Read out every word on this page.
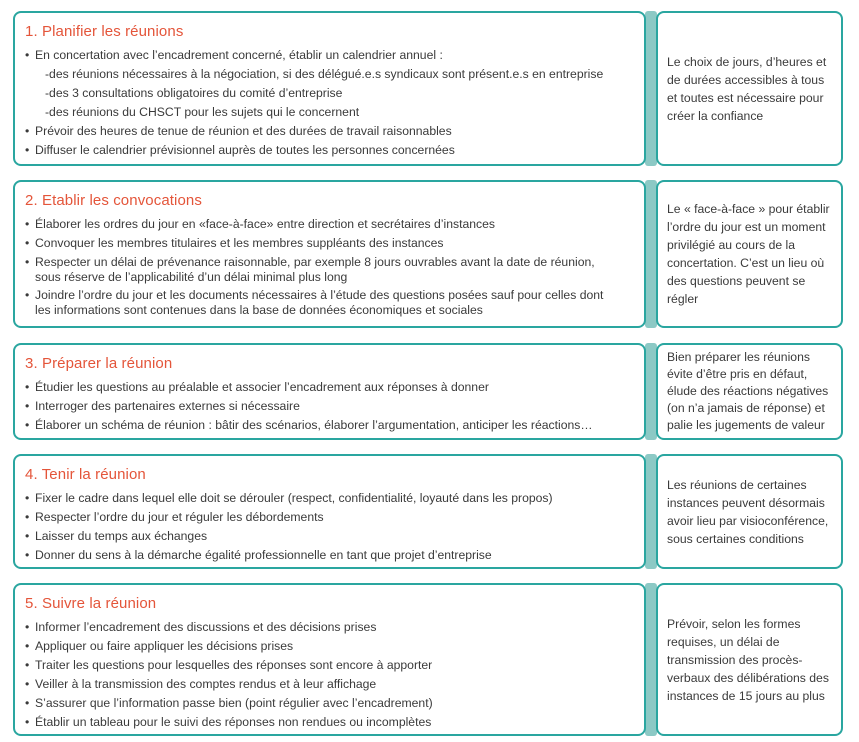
1. Planifier les réunions
• En concertation avec l’encadrement concerné, établir un calendrier annuel :
-des réunions nécessaires à la négociation, si des délégué.e.s syndicaux sont présent.e.s en entreprise
-des 3 consultations obligatoires du comité d’entreprise
-des réunions du CHSCT pour les sujets qui le concernent
• Prévoir des heures de tenue de réunion et des durées de travail raisonnables
• Diffuser le calendrier prévisionnel auprès de toutes les personnes concernées
Le choix de jours, d’heures et de durées accessibles à tous et toutes est nécessaire pour créer la confiance
2. Etablir les convocations
• Élaborer les ordres du jour en «face-à-face» entre direction et secrétaires d’instances
• Convoquer les membres titulaires et les membres suppléants des instances
• Respecter un délai de prévenance raisonnable, par exemple 8 jours ouvrables avant la date de réunion,
sous réserve de l’applicabilité d’un délai minimal plus long
• Joindre l’ordre du jour et les documents nécessaires à l’étude des questions posées sauf pour celles dont
les informations sont contenues dans la base de données économiques et sociales
Le « face-à-face » pour établir l’ordre du jour est un moment privilégié au cours de la concertation. C’est un lieu où des questions peuvent se régler
3. Préparer la réunion
• Étudier les questions au préalable et associer l’encadrement aux réponses à donner
• Interroger des partenaires externes si nécessaire
• Élaborer un schéma de réunion : bâtir des scénarios, élaborer l’argumentation, anticiper les réactions…
Bien préparer les réunions évite d’être pris en défaut, élude des réactions négatives (on n’a jamais de réponse) et palie les jugements de valeur
4. Tenir la réunion
• Fixer le cadre dans lequel elle doit se dérouler (respect, confidentialité, loyauté dans les propos)
• Respecter l’ordre du jour et réguler les débordements
• Laisser du temps aux échanges
• Donner du sens à la démarche égalité professionnelle en tant que projet d’entreprise
Les réunions de certaines instances peuvent désormais avoir lieu par visioconférence, sous certaines conditions
5. Suivre la réunion
• Informer l’encadrement des discussions et des décisions prises
• Appliquer ou faire appliquer les décisions prises
• Traiter les questions pour lesquelles des réponses sont encore à apporter
• Veiller à la transmission des comptes rendus et à leur affichage
• S’assurer que l’information passe bien (point régulier avec l’encadrement)
• Établir un tableau pour le suivi des réponses non rendues ou incomplètes
Prévoir, selon les formes requises, un délai de transmission des procès-verbaux des délibérations des instances de 15 jours au plus
